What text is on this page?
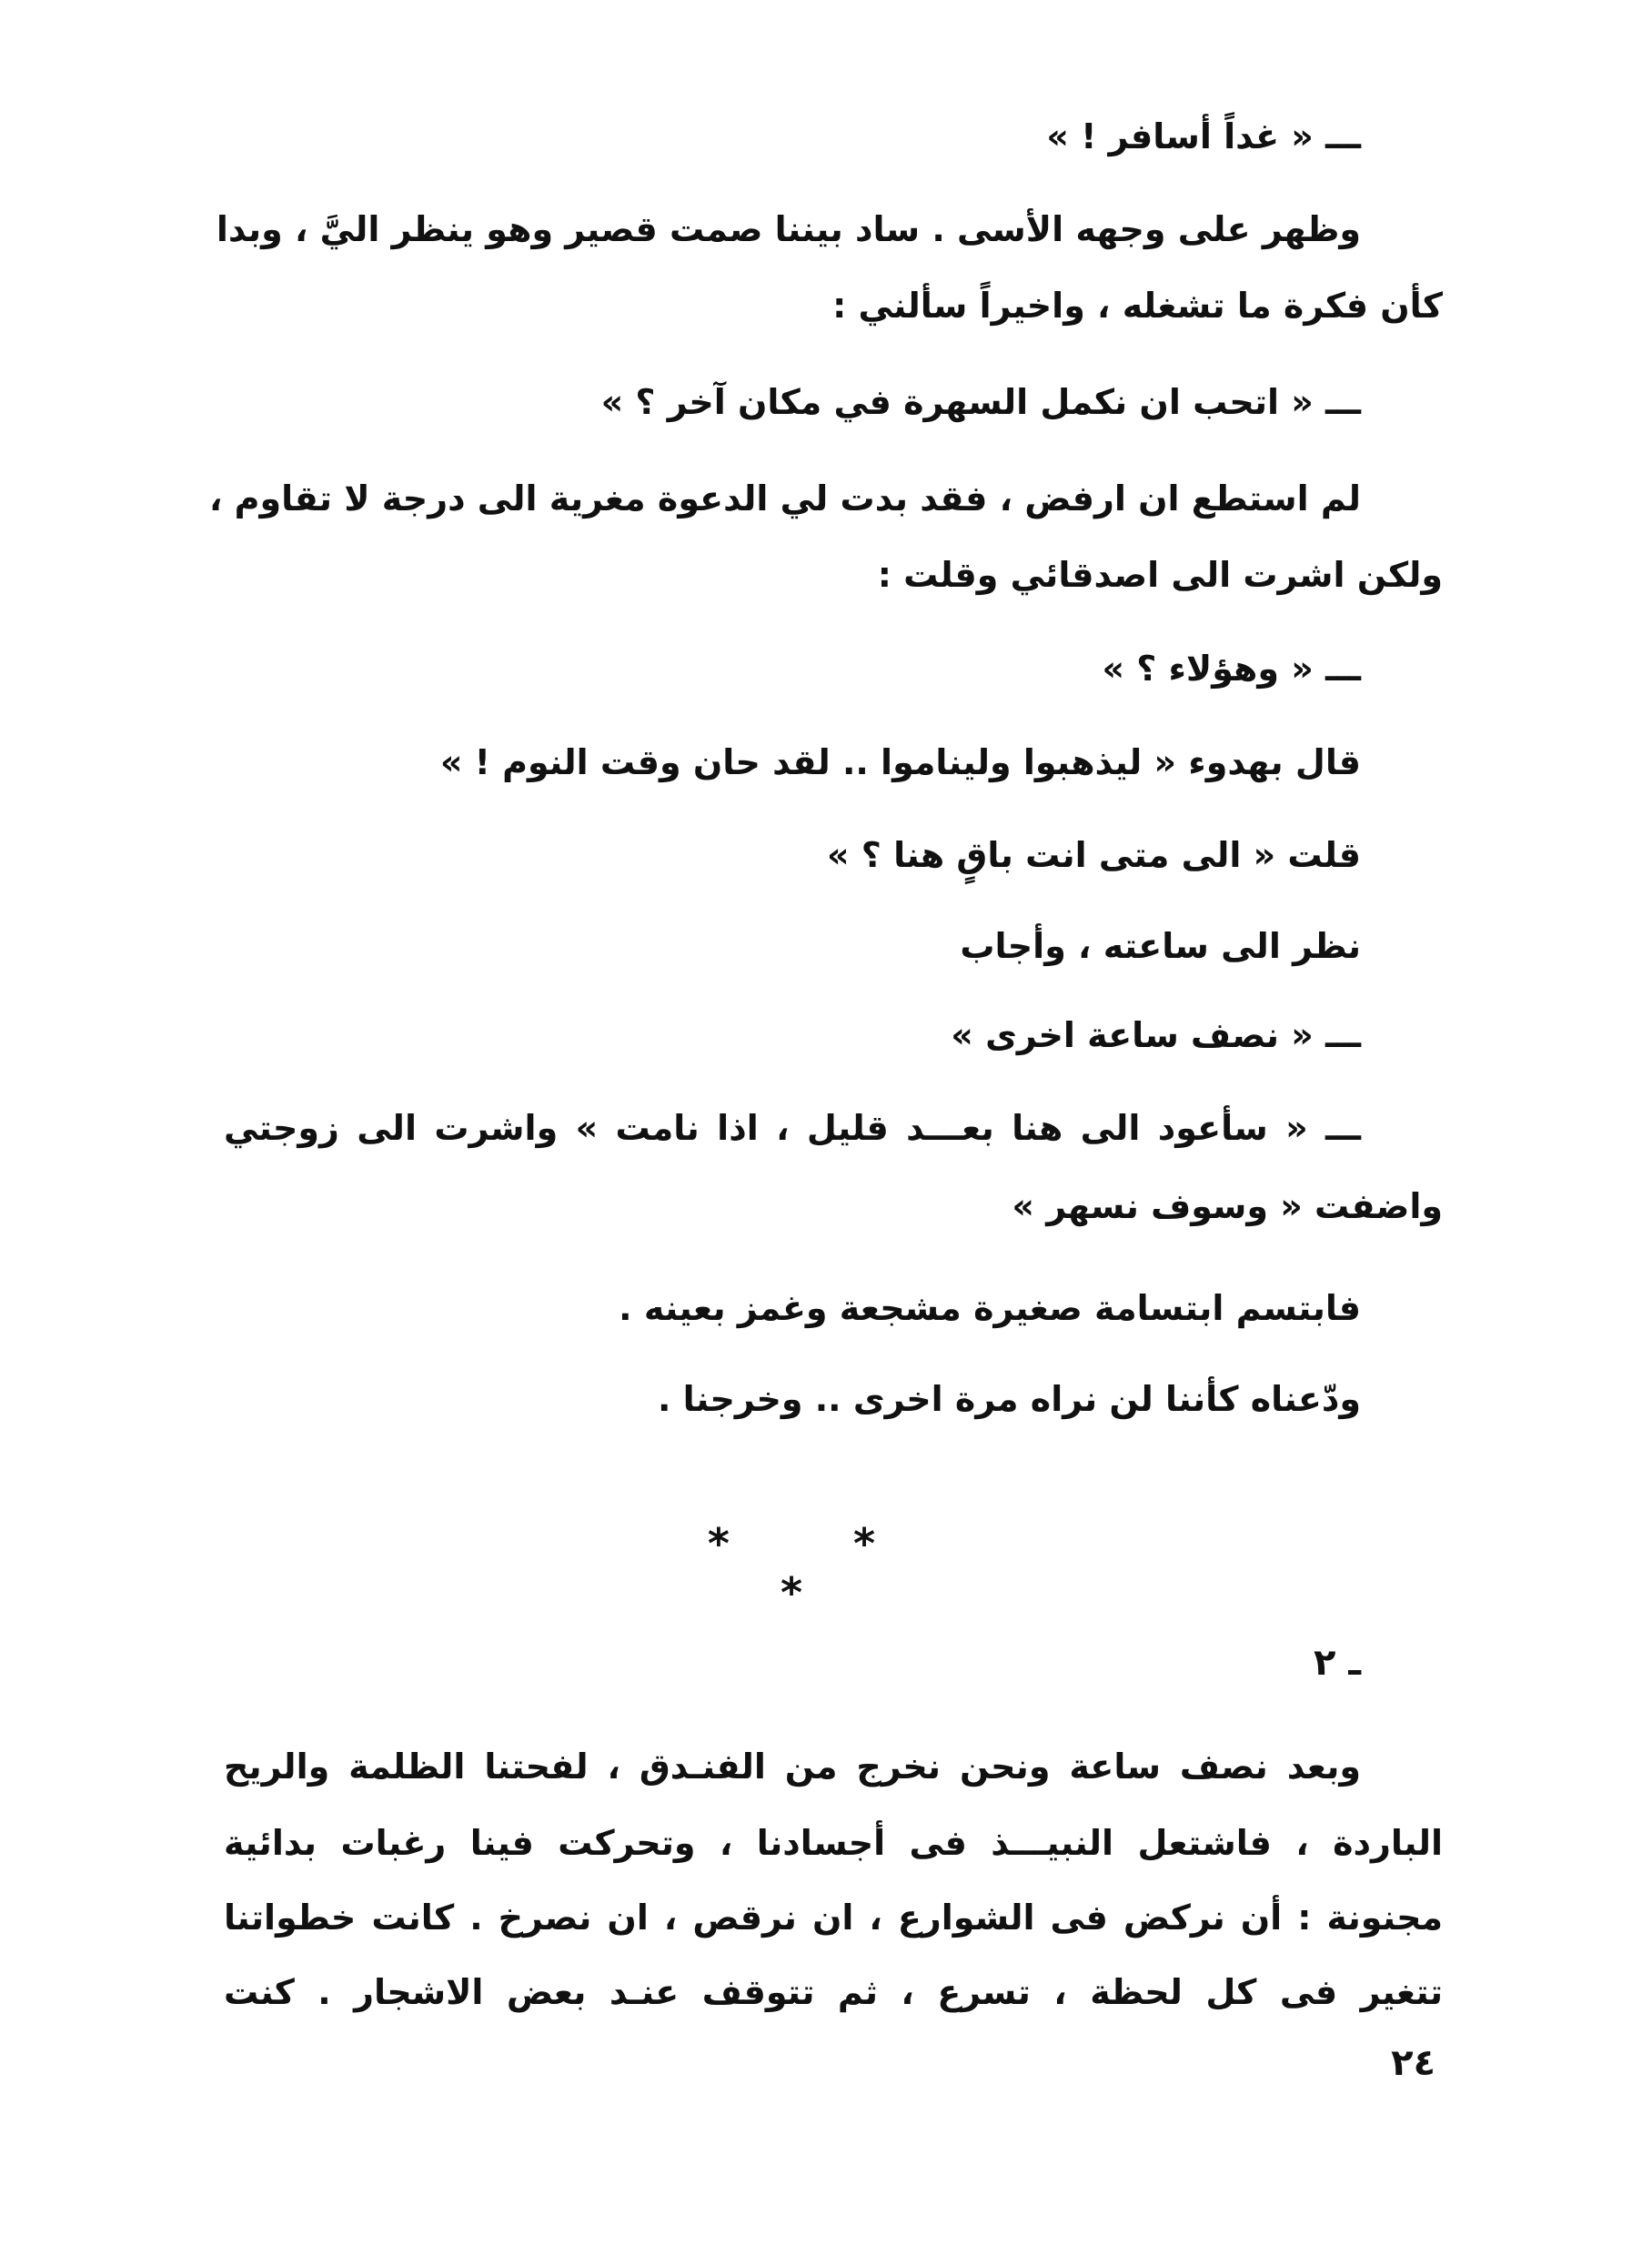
ـــ « غداً أسافر ! »
وظهر على وجهه الأسى . ساد بيننا صمت قصير وهو ينظر اليَّ ، وبدا
كأن فكرة ما تشغله ، واخيراً سألني :
ـــ « اتحب ان نكمل السهرة في مكان آخر ؟ »
لم استطع ان ارفض ، فقد بدت لي الدعوة مغرية الى درجة لا تقاوم ،
ولكن اشرت الى اصدقائي وقلت :
ـــ « وهؤلاء ؟ »
قال بهدوء « ليذهبوا وليناموا .. لقد حان وقت النوم ! »
قلت « الى متى انت باقٍ هنا ؟ »
نظر الى ساعته ، وأجاب
ـــ « نصف ساعة اخرى »
ـــ « سأعود الى هنا بعـــد قليل ، اذا نامت » واشرت الى زوجتي
واضفت « وسوف نسهر »
فابتسم ابتسامة صغيرة مشجعة وغمز بعينه .
ودّعناه كأننا لن نراه مرة اخرى .. وخرجنا .
* * *
ـ ٢
وبعد نصف ساعة ونحن نخرج من الفنـدق ، لفحتنا الظلمة والريح
الباردة ، فاشتعل النبيـــذ فى أجسادنا ، وتحركت فينا رغبات بدائية
مجنونة : أن نركض فى الشوارع ، ان نرقص ، ان نصرخ . كانت خطواتنا
تتغير فى كل لحظة ، تسرع ، ثم تتوقف عنـد بعض الاشجار . كنت
٢٤
